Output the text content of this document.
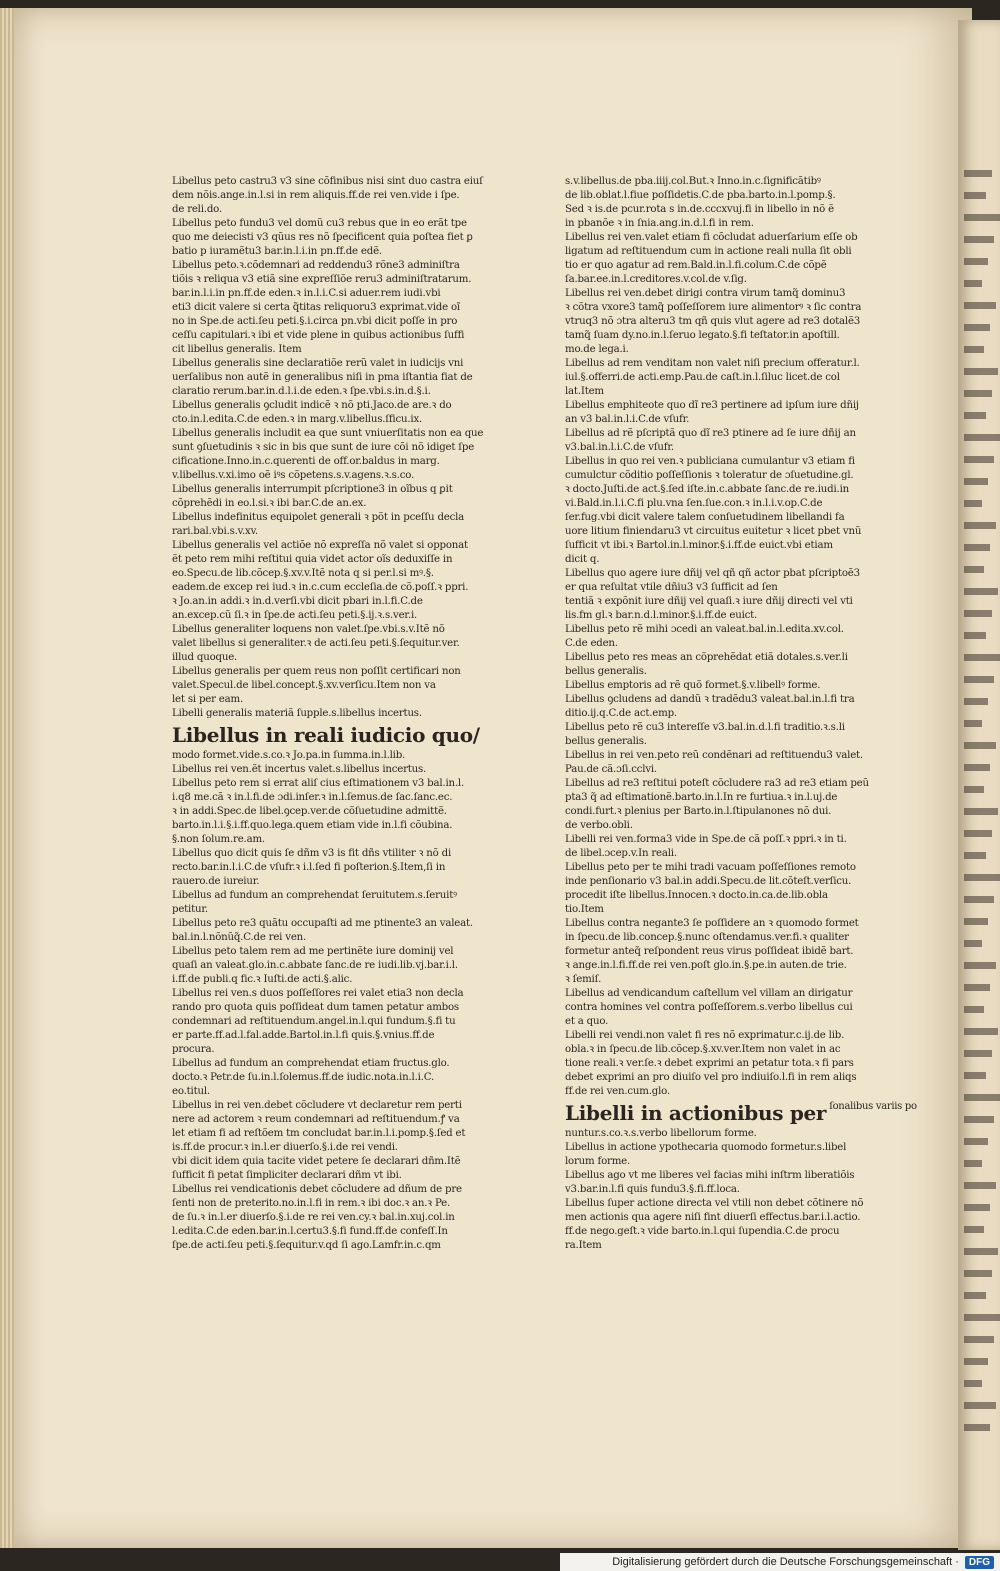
Libellus peto castru3 v3 sine cõfinibus nisi sint duo castra eiuſ
dem nõis.ange.in.l.si in rem aliquis.ff.de rei ven.vide i ſpe.
de reli.do.
Libellus peto fundu3 vel domũ cu3 rebus que in eo erãt tpe
quo me deiecisti v3 qũus res nõ ſpecificent quia poſtea fiet ꝑ
batio p iuramẽtu3 bar.in.l.i.in pn.ff.de edẽ.
Libellus peto.ꝛ.cõdemnari ad reddendu3 rõne3 adminiſtra
tiõis ꝛ reliqua v3 etiã sine expreſſiõe reru3 adminiſtratarum.
bar.in.l.i.in pn.ff.de eden.ꝛ in.l.i.C.si aduer.rem iudi.vbi
eti3 dicit valere si certa q̃titas reliquoru3 exprimat.vide oĩ
no in Spe.de acti.ſeu peti.§.i.circa pn.vbi dicit poſſe in pro
ceſſu capitulari.ꝛ ibi et vide plene in quibus actionibus ſuffi
cit libellus generalis. Item
Libellus generalis sine declaratiõe rerũ valet in iudicijs vni
uerſalibus non autẽ in generalibus niſi in pma iſtantia fiat de
claratio rerum.bar.in.d.l.i.de eden.ꝛ ſpe.vbi.s.in.d.§.i.
Libellus generalis ꝯcludit indicẽ ꝛ nõ pti.Jaco.de are.ꝛ do
cto.in.l.edita.C.de eden.ꝛ in marg.v.libellus.ſficu.ix.
Libellus generalis includit ea que sunt vniuerſitatis non ea que
sunt ꝯſuetudinis ꝛ sic in bis que sunt de iure cõi nõ idiget ſpe
cificatione.Inno.in.c.querenti de off.or.baldus in marg.
v.libellus.v.xi.imo oẽ iꝰs cõpetens.s.v.agens.ꝛ.s.co.
Libellus generalis interrumpit pſcriptione3 in oĩbus q ꝑit
cõprehẽdi in eo.l.si.ꝛ ibi bar.C.de an.ex.
Libellus indefinitus equipolet generali ꝛ põt in pceſſu decla
rari.bal.vbi.s.v.xv.
Libellus generalis vel actiõe nõ expreſſa nõ valet si opponat
ẽt peto rem mihi reſtitui quia videt actor oĩs deduxiſſe in
eo.Specu.de lib.cõcep.§.xv.v.Itẽ nota q si per.l.si mꝰ.§.
eadem.de excep rei iud.ꝛ in.c.cum eccleſia.de cõ.poſſ.ꝛ ppri.
ꝛ Jo.an.in addi.ꝛ in.d.verſi.vbi dicit pbari in.l.fi.C.de
an.excep.cũ ſi.ꝛ in ſpe.de acti.ſeu peti.§.ij.ꝛ.s.ver.i.
Libellus generaliter loquens non valet.ſpe.vbi.s.v.Itẽ nõ
valet libellus si generaliter.ꝛ de acti.ſeu peti.§.ſequitur.ver.
illud quoque.
Libellus generalis per quem reus non poſſit certificari non
valet.Specul.de libel.concept.§.xv.verſicu.Item non va
let si per eam.
Libelli generalis materiã ſupple.s.libellus incertus.
Libellus in reali iudicio quo/
modo formet.vide.s.co.ꝛ Jo.pa.in ſumma.in.l.lib.
Libellus rei ven.ẽt incertus valet.s.libellus incertus.
Libellus peto rem si errat aliſ cius eſtimationem v3 bal.in.l.
i.q8 me.cã ꝛ in.l.fi.de ɔdi.inſer.ꝛ in.l.ſemus.de ſac.ſanc.ec.
ꝛ in addi.Spec.de libel.ꝯcep.ver.de cõſuetudine admittẽ.
barto.in.l.i.§.i.ff.quo.lega.quem etiam vide in.l.fi cõubina.
§.non ſolum.re.am.
Libellus quo dicit quis ſe dñm v3 is fit dñs vtiliter ꝛ nõ di
recto.bar.in.l.i.C.de vſufr.ꝛ i.l.ſed fi poſterion.§.Item,ſi in
rauero.de iureiur.
Libellus ad fundum an comprehendat ſeruitutem.s.ſeruitꝰ
petitur.
Libellus peto re3 quãtu occupaſti ad me ptinente3 an valeat.
bal.in.l.nõnũq̃.C.de rei ven.
Libellus peto talem rem ad me pertinẽte iure dominij vel
quaſi an valeat.glo.in.c.abbate ſanc.de re iudi.lib.vj.bar.i.l.
i.ff.de publi.q fic.ꝛ Iuſti.de acti.§.alic.
Libellus rei ven.s duos poſſeſſores rei valet etia3 non decla
rando pro quota quis poſſideat dum tamen petatur ambos
condemnari ad reſtituendum.angel.in.l.qui fundum.§.fi tu
er parte.ff.ad.l.fal.adde.Bartol.in.l.fi quis.§.vnius.ff.de
procura.
Libellus ad fundum an comprehendat etiam fructus.glo.
docto.ꝛ Petr.de ſu.in.l.ſolemus.ff.de iudic.nota.in.l.i.C.
eo.titul.
Libellus in rei ven.debet cõcludere vt declaretur rem perti
nere ad actorem ꝛ reum condemnari ad reſtituendum.ꝭ va
let etiam fi ad reſtõem tm concludat bar.in.l.i.pomp.§.ſed et
is.ff.de procur.ꝛ in.l.er diuerſo.§.i.de rei vendi.
vbi dicit idem quia tacite videt petere ſe declarari dñm.Itẽ
ſufficit fi petat ſimpliciter declarari dñm vt ibi.
Libellus rei vendicationis debet cõcludere ad dñum de pre
ſenti non de preterito.no.in.l.fi in rem.ꝛ ibi doc.ꝛ an.ꝛ Pe.
de ſu.ꝛ in.l.er diuerſo.§.i.de re rei ven.cy.ꝛ bal.in.xuj.col.in
l.edita.C.de eden.bar.in.l.certu3.§.fi fund.ff.de confeſſ.In
ſpe.de acti.ſeu peti.§.ſequitur.v.qd ſi ago.Lamfr.in.c.qm
s.v.libellus.de pba.iiij.col.But.ꝛ Inno.in.c.ſignificãtibꝰ
de lib.oblat.l.fiue poſſidetis.C.de pba.barto.in.l.pomp.§.
Sed ꝛ is.de pcur.rota s in.de.cccxvuj.fi in libello in nõ ẽ
in pbanõe ꝛ in ſnia.ang.in.d.l.fi in rem.
Libellus rei ven.valet etiam fi cõcludat aduerſarium eſſe ob
ligatum ad reſtituendum cum in actione reali nulla ſit obli
tio er quo agatur ad rem.Bald.in.l.fi.colum.C.de cõpẽ
ſa.bar.ee.in.l.creditores.v.col.de v.ſig.
Libellus rei ven.debet dirigi contra virum tamq̃ dominu3
ꝛ cõtra vxore3 tamq̃ poſſeſſorem iure alimentorꝰ ꝛ ſic contra
vtruq3 nõ ɔtra alteru3 tm qñ quis vlut agere ad re3 dotalẽ3
tamq̃ ſuam dy.no.in.l.ſeruo legato.§.fi teſtator.in apoſtill.
mo.de lega.i.
Libellus ad rem venditam non valet niſi precium offeratur.l.
iul.§.offerri.de acti.emp.Pau.de caſt.in.l.ſiluc licet.de col
lat.Item
Libellus emphiteote quo dĩ re3 pertinere ad ipſum iure dñij
an v3 bal.in.l.i.C.de vſufr.
Libellus ad rẽ pſcriptã quo dĩ re3 ptinere ad ſe iure dñij an
v3.bal.in.l.i.C.de vſufr.
Libellus in quo rei ven.ꝛ publiciana cumulantur v3 etiam fi
cumulctur cõditio poſſeſſionis ꝛ toleratur de ɔſuetudine.gl.
ꝛ docto.Juſti.de act.§.ſed iſte.in.c.abbate ſanc.de re.iudi.in
vi.Bald.in.l.i.C.fi plu.vna ſen.ſue.con.ꝛ in.l.i.v.op.C.de
ſer.fug.vbi dicit valere talem conſuetudinem libellandi fa
uore litium finiendaru3 vt circuitus euitetur ꝛ licet pbet vnũ
ſufficit vt ibi.ꝛ Bartol.in.l.minor.§.i.ff.de euict.vbi etiam
dicit q.
Libellus quo agere iure dñij vel qñ qñ actor pbat pſcriptoẽ3
er qua reſultat vtile dñiu3 v3 ſufficit ad ſen
tentiã ꝛ expõnit iure dñij vel quaſi.ꝛ iure dñij directi vel vti
lis.fm gl.ꝛ bar.n.d.l.minor.§.i.ff.de euict.
Libellus peto rẽ mihi ɔcedi an valeat.bal.in.l.edita.xv.col.
C.de eden.
Libellus peto res meas an cõprehẽdat etiã dotales.s.ver.li
bellus generalis.
Libellus emptoris ad rẽ quõ formet.§.v.libellꝰ forme.
Libellus ꝯcludens ad dandũ ꝛ tradẽdu3 valeat.bal.in.l.fi tra
ditio.ij.q.C.de act.emp.
Libellus peto rẽ cu3 intereſſe v3.bal.in.d.l.fi traditio.ꝛ.s.li
bellus generalis.
Libellus in rei ven.peto reũ condẽnari ad reſtituendu3 valet.
Pau.de cã.ɔſi.cclvi.
Libellus ad re3 reſtitui poteſt cõcludere ra3 ad re3 etiam peũ
pta3 q̃ ad eſtimationẽ.barto.in.l.In re furtiua.ꝛ in.l.uj.de
condi.furt.ꝛ plenius per Barto.in.l.ſtipulanones nõ dui.
de verbo.obli.
Libelli rei ven.forma3 vide in Spe.de cã poſſ.ꝛ ppri.ꝛ in ti.
de libel.ɔcep.v.In reali.
Libellus peto per te mihi tradi vacuam poſſeſſiones remoto
inde penſionario v3 bal.in addi.Specu.de lit.cõteſt.verſicu.
procedit iſte libellus.Innocen.ꝛ docto.in.ca.de.lib.obla
tio.Item
Libellus contra negante3 ſe poſſidere an ꝛ quomodo formet
in ſpecu.de lib.concep.§.nunc oſtendamus.ver.fi.ꝛ qualiter
formetur anteq̃ reſpondent reus virus poſſideat ibidẽ bart.
ꝛ ange.in.l.fi.ff.de rei ven.poſt glo.in.§.pe.in auten.de trie.
ꝛ ſemiſ.
Libellus ad vendicandum caſtellum vel villam an dirigatur
contra homines vel contra poſſeſſorem.s.verbo libellus cui
et a quo.
Libelli rei vendi.non valet fi res nõ exprimatur.c.ij.de lib.
obla.ꝛ in ſpecu.de lib.cõcep.§.xv.ver.Item non valet in ac
tione reali.ꝛ ver.ſe.ꝛ debet exprimi an petatur tota.ꝛ fi pars
debet exprimi an pro diuiſo vel pro indiuiſo.l.fi in rem aliqs
ff.de rei ven.cum.glo.
Libelli in actionibus per ſonalibus variis po
nuntur.s.co.ꝛ.s.verbo libellorum forme.
Libellus in actione ypothecaria quomodo formetur.s.libel
lorum forme.
Libellus ago vt me liberes vel facias mihi inſtrm liberatiõis
v3.bar.in.l.fi quis fundu3.§.fi.ff.loca.
Libellus ſuper actione directa vel vtili non debet cõtinere nõ
men actionis qua agere niſi fint diuerſi effectus.bar.i.l.actio.
ff.de nego.geſt.ꝛ vide barto.in.l.qui ſupendia.C.de procu
ra.Item
Digitalisierung gefördert durch die Deutsche Forschungsgemeinschaft ·	DFG
